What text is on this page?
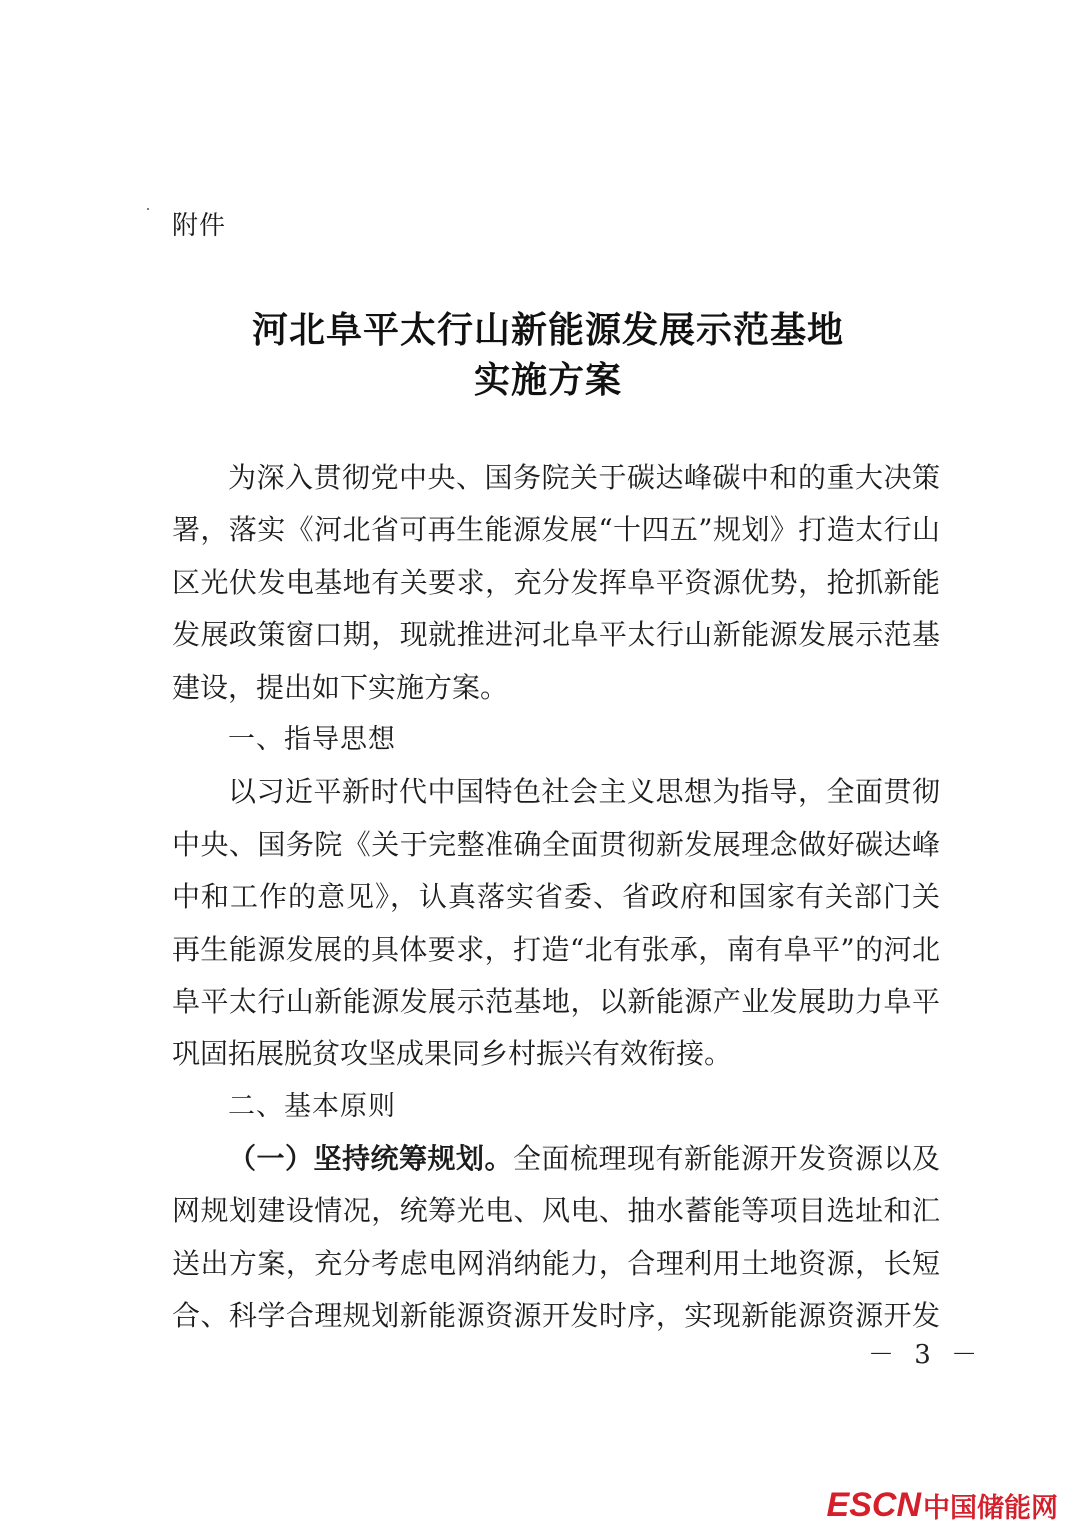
附件
河北阜平太行山新能源发展示范基地
实施方案
为深入贯彻党中央、国务院关于碳达峰碳中和的重大决策
署，落实《河北省可再生能源发展“十四五”规划》打造太行山
区光伏发电基地有关要求，充分发挥阜平资源优势，抢抓新能
发展政策窗口期，现就推进河北阜平太行山新能源发展示范基
建设，提出如下实施方案。
一、指导思想
以习近平新时代中国特色社会主义思想为指导，全面贯彻
中央、国务院《关于完整准确全面贯彻新发展理念做好碳达峰
中和工作的意见》，认真落实省委、省政府和国家有关部门关
再生能源发展的具体要求，打造“北有张承，南有阜平”的河北
阜平太行山新能源发展示范基地，以新能源产业发展助力阜平
巩固拓展脱贫攻坚成果同乡村振兴有效衔接。
二、基本原则
（一）坚持统筹规划。全面梳理现有新能源开发资源以及
网规划建设情况，统筹光电、风电、抽水蓄能等项目选址和汇
送出方案，充分考虑电网消纳能力，合理利用土地资源，长短
合、科学合理规划新能源资源开发时序，实现新能源资源开发
－ 3 －
ESCN 中国储能网
